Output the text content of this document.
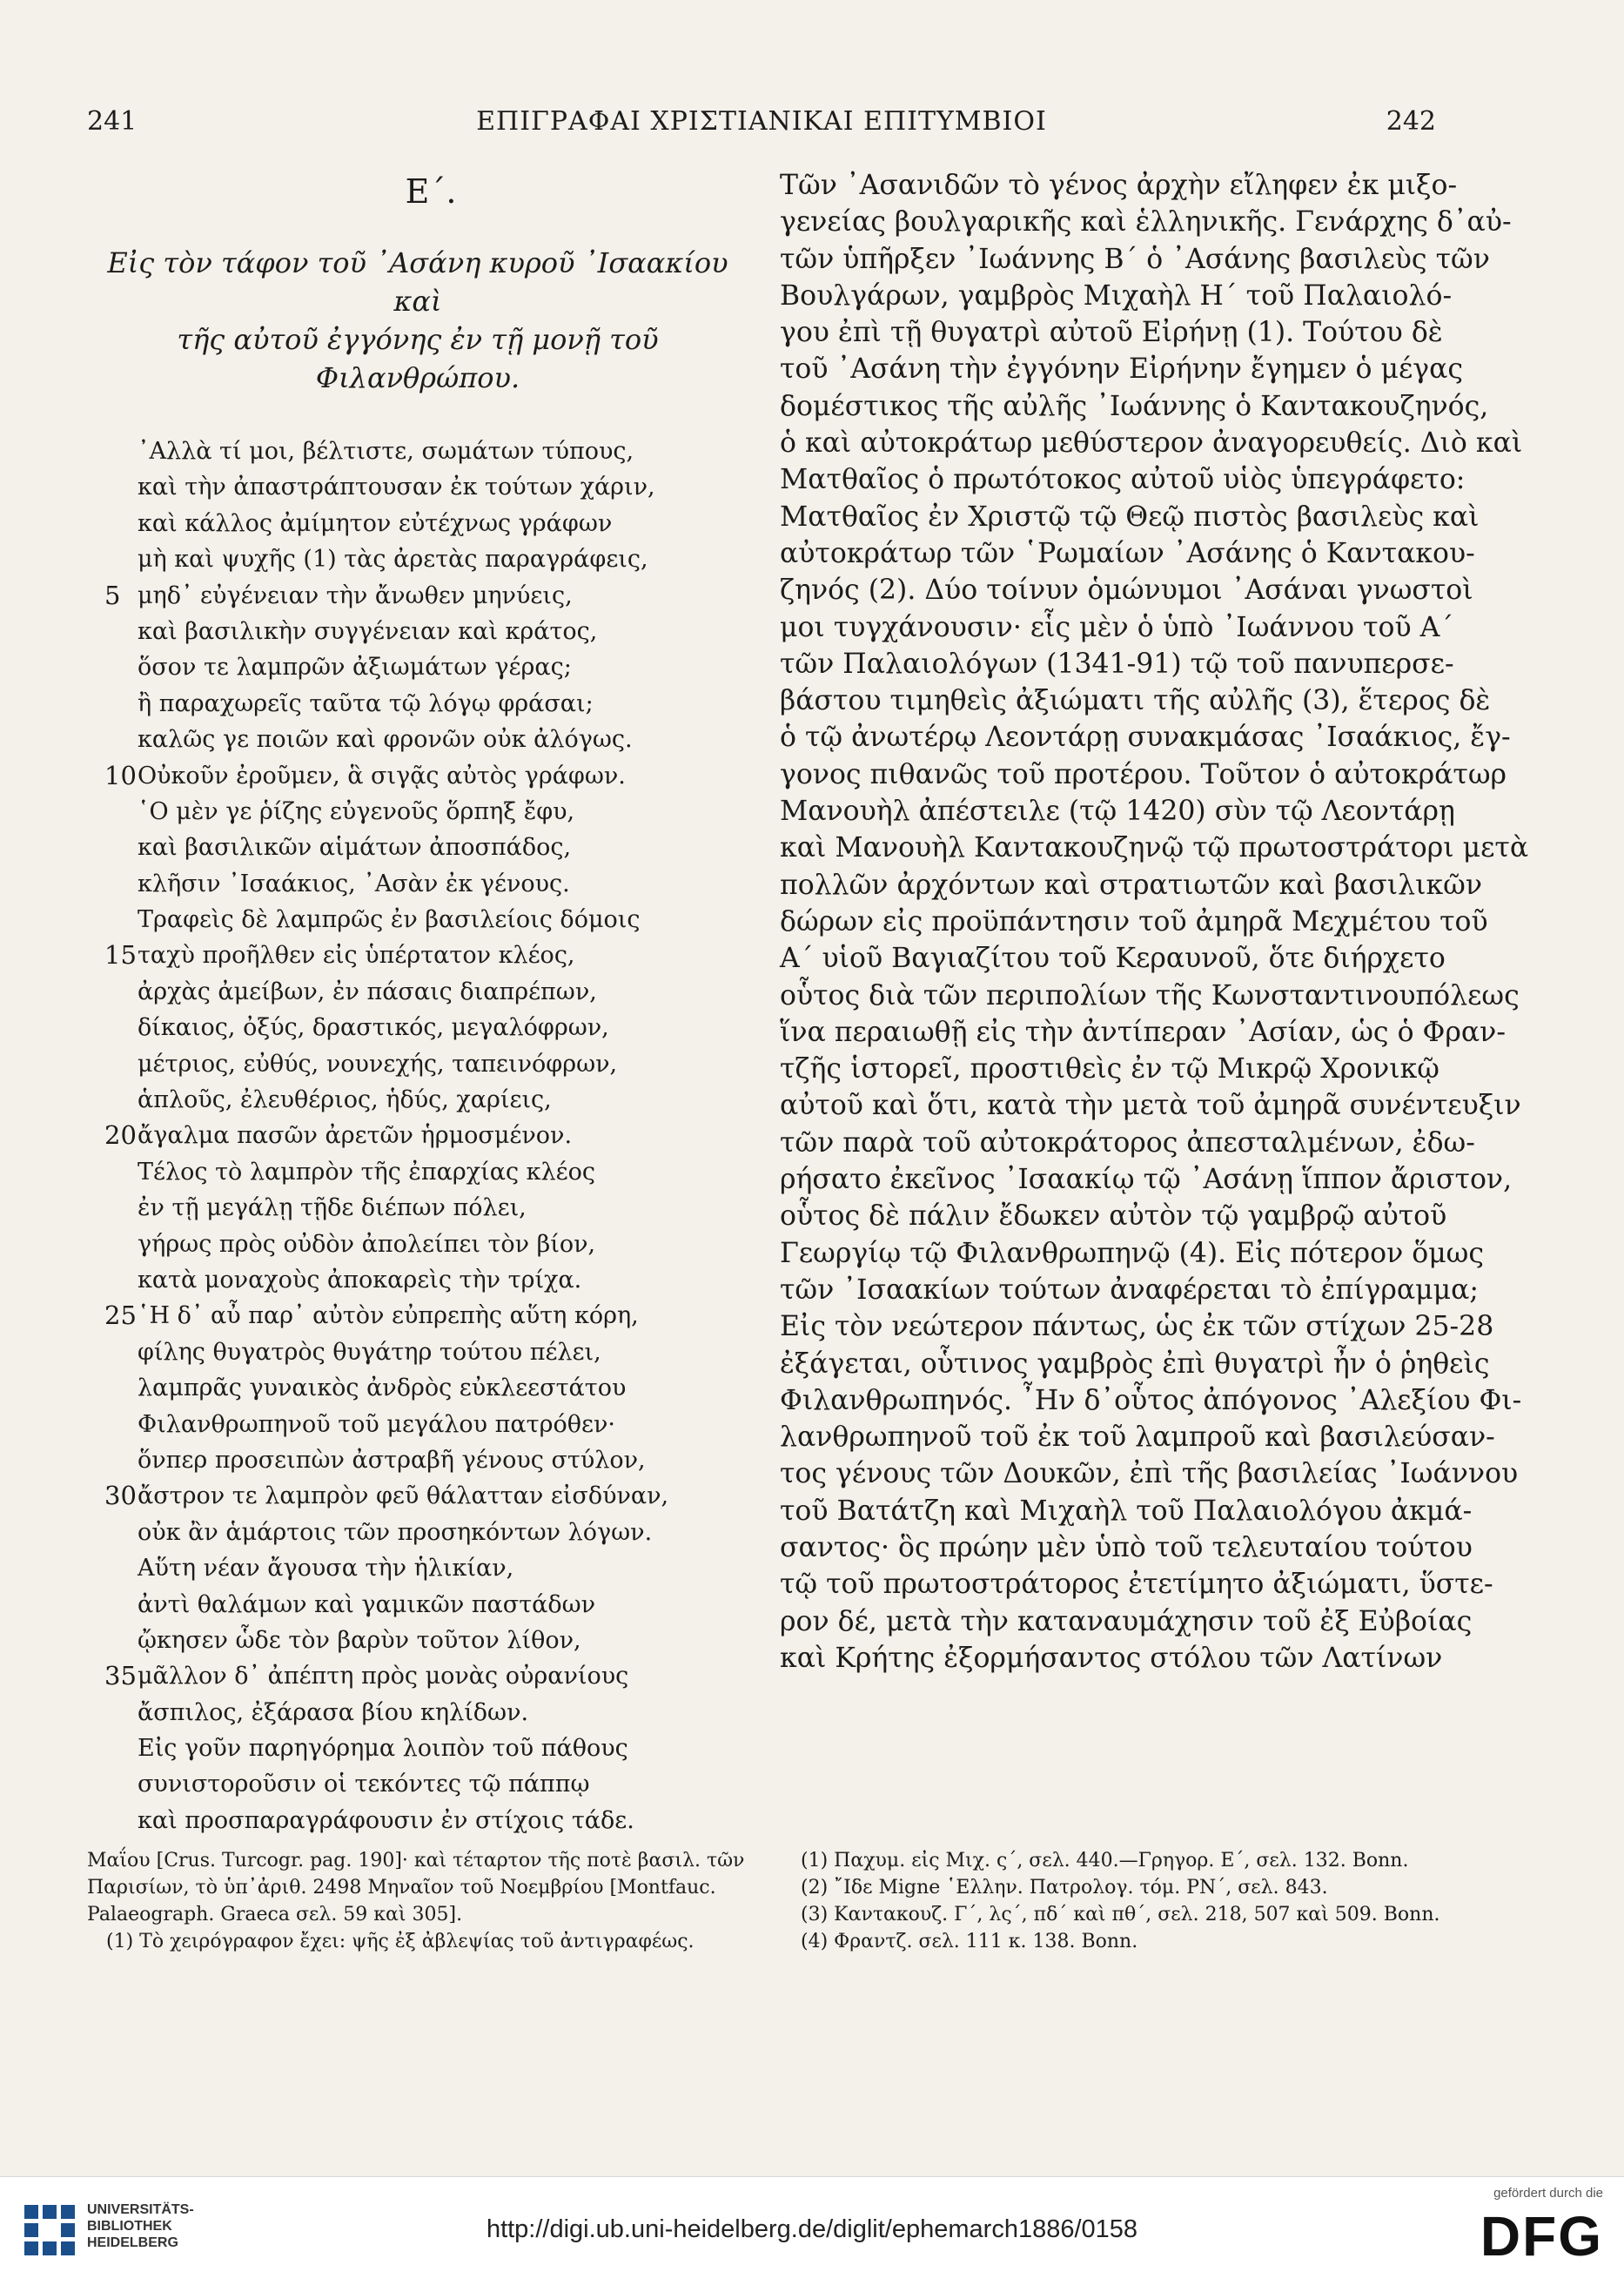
241	ΕΠΙΓΡΑΦΑΙ ΧΡΙΣΤΙΑΝΙΚΑΙ ΕΠΙΤΥΜΒΙΟΙ	242
Ε΄.
Εἰς τὸν τάφον τοῦ ᾽Ασάνη κυροῦ ᾽Ισαακίου καὶ
τῆς αὐτοῦ ἐγγόνης ἐν τῇ μονῇ τοῦ Φιλανθρώπου.
᾽Αλλὰ τί μοι, βέλτιστε, σωμάτων τύπους,
καὶ τὴν ἀπαστράπτουσαν ἐκ τούτων χάριν,
καὶ κάλλος ἀμίμητον εὐτέχνως γράφων
μὴ καὶ ψυχῆς (1) τὰς ἀρετὰς παραγράφεις,
5 μηδ᾽ εὐγένειαν τὴν ἄνωθεν μηνύεις,
καὶ βασιλικὴν συγγένειαν καὶ κράτος,
ὅσον τε λαμπρῶν ἀξιωμάτων γέρας;
ἢ παραχωρεῖς ταῦτα τῷ λόγῳ φράσαι;
καλῶς γε ποιῶν καὶ φρονῶν οὐκ ἀλόγως.
10 Οὐκοῦν ἐροῦμεν, ἃ σιγᾷς αὐτὸς γράφων.
῾Ο μὲν γε ῥίζης εὐγενοῦς ὅρπηξ ἔφυ,
καὶ βασιλικῶν αἱμάτων ἀποσπάδος,
κλῆσιν ᾽Ισαάκιος, ᾽Ασὰν ἐκ γένους.
Τραφεὶς δὲ λαμπρῶς ἐν βασιλείοις δόμοις
15 ταχὺ προῆλθεν εἰς ὑπέρτατον κλέος,
ἀρχὰς ἀμείβων, ἐν πάσαις διαπρέπων,
δίκαιος, ὀξύς, δραστικός, μεγαλόφρων,
μέτριος, εὐθύς, νουνεχής, ταπεινόφρων,
ἁπλοῦς, ἐλευθέριος, ἡδύς, χαρίεις,
20 ἄγαλμα πασῶν ἀρετῶν ἡρμοσμένον.
Τέλος τὸ λαμπρὸν τῆς ἐπαρχίας κλέος
ἐν τῇ μεγάλῃ τῇδε διέπων πόλει,
γήρως πρὸς οὐδὸν ἀπολείπει τὸν βίον,
κατὰ μοναχοὺς ἀποκαρεὶς τὴν τρίχα.
25 ῾Η δ᾽ αὖ παρ᾽ αὐτὸν εὐπρεπὴς αὕτη κόρη,
φίλης θυγατρὸς θυγάτηρ τούτου πέλει,
λαμπρᾶς γυναικὸς ἀνδρὸς εὐκλεεστάτου
Φιλανθρωπηνοῦ τοῦ μεγάλου πατρόθεν·
ὅνπερ προσειπὼν ἀστραβῆ γένους στύλον,
30 ἄστρον τε λαμπρὸν φεῦ θάλατταν εἰσδύναν,
οὐκ ἂν ἁμάρτοις τῶν προσηκόντων λόγων.
Αὕτη νέαν ἄγουσα τὴν ἡλικίαν,
ἀντὶ θαλάμων καὶ γαμικῶν παστάδων
ᾤκησεν ὧδε τὸν βαρὺν τοῦτον λίθον,
35 μᾶλλον δ᾽ ἀπέπτη πρὸς μονὰς οὐρανίους
ἄσπιλος, ἐξάρασα βίου κηλίδων.
Εἰς γοῦν παρηγόρημα λοιπὸν τοῦ πάθους
συνιστοροῦσιν οἱ τεκόντες τῷ πάππῳ
καὶ προσπαραγράφουσιν ἐν στίχοις τάδε.

Τῶν ᾽Ασανιδῶν τὸ γένος ἀρχὴν εἴληφεν ἐκ μιξο-
γενείας βουλγαρικῆς καὶ ἑλληνικῆς. Γενάρχης δ᾽αὐ-
τῶν ὑπῆρξεν ᾽Ιωάννης Β΄ ὁ ᾽Ασάνης βασιλεὺς τῶν
Βουλγάρων, γαμβρὸς Μιχαὴλ Η΄ τοῦ Παλαιολό-
γου ἐπὶ τῇ θυγατρὶ αὐτοῦ Εἰρήνῃ (1). Τούτου δὲ
τοῦ ᾽Ασάνη τὴν ἐγγόνην Εἰρήνην ἔγημεν ὁ μέγας
δομέστικος τῆς αὐλῆς ᾽Ιωάννης ὁ Καντακουζηνός,
ὁ καὶ αὐτοκράτωρ μεθύστερον ἀναγορευθείς. Διὸ καὶ
Ματθαῖος ὁ πρωτότοκος αὐτοῦ υἱὸς ὑπεγράφετο:
Ματθαῖος ἐν Χριστῷ τῷ Θεῷ πιστὸς βασιλεὺς καὶ
αὐτοκράτωρ τῶν ῾Ρωμαίων ᾽Ασάνης ὁ Καντακου-
ζηνός (2). Δύο τοίνυν ὁμώνυμοι ᾽Ασάναι γνωστοὶ
μοι τυγχάνουσιν· εἷς μὲν ὁ ὑπὸ ᾽Ιωάννου τοῦ Α΄
τῶν Παλαιολόγων (1341-91) τῷ τοῦ πανυπερσε-
βάστου τιμηθεὶς ἀξιώματι τῆς αὐλῆς (3), ἕτερος δὲ
ὁ τῷ ἀνωτέρῳ Λεοντάρῃ συνακμάσας ᾽Ισαάκιος, ἔγ-
γονος πιθανῶς τοῦ προτέρου. Τοῦτον ὁ αὐτοκράτωρ
Μανουὴλ ἀπέστειλε (τῷ 1420) σὺν τῷ Λεοντάρῃ
καὶ Μανουὴλ Καντακουζηνῷ τῷ πρωτοστράτορι μετὰ
πολλῶν ἀρχόντων καὶ στρατιωτῶν καὶ βασιλικῶν
δώρων εἰς προϋπάντησιν τοῦ ἀμηρᾶ Μεχμέτου τοῦ
Α΄ υἱοῦ Βαγιαζίτου τοῦ Κεραυνοῦ, ὅτε διήρχετο
οὗτος διὰ τῶν περιπολίων τῆς Κωνσταντινουπόλεως
ἵνα περαιωθῇ εἰς τὴν ἀντίπεραν ᾽Ασίαν, ὡς ὁ Φραν-
τζῆς ἱστορεῖ, προστιθεὶς ἐν τῷ Μικρῷ Χρονικῷ
αὐτοῦ καὶ ὅτι, κατὰ τὴν μετὰ τοῦ ἀμηρᾶ συνέντευξιν
τῶν παρὰ τοῦ αὐτοκράτορος ἀπεσταλμένων, ἐδω-
ρήσατο ἐκεῖνος ᾽Ισαακίῳ τῷ ᾽Ασάνῃ ἵππον ἄριστον,
οὗτος δὲ πάλιν ἔδωκεν αὐτὸν τῷ γαμβρῷ αὐτοῦ
Γεωργίῳ τῷ Φιλανθρωπηνῷ (4). Εἰς πότερον ὅμως
τῶν ᾽Ισαακίων τούτων ἀναφέρεται τὸ ἐπίγραμμα;
Εἰς τὸν νεώτερον πάντως, ὡς ἐκ τῶν στίχων 25-28
ἐξάγεται, οὗτινος γαμβρὸς ἐπὶ θυγατρὶ ἦν ὁ ῥηθεὶς
Φιλανθρωπηνός. ῏Ην δ᾽οὗτος ἀπόγονος ᾽Αλεξίου Φι-
λανθρωπηνοῦ τοῦ ἐκ τοῦ λαμπροῦ καὶ βασιλεύσαν-
τος γένους τῶν Δουκῶν, ἐπὶ τῆς βασιλείας ᾽Ιωάννου
τοῦ Βατάτζη καὶ Μιχαὴλ τοῦ Παλαιολόγου ἀκμά-
σαντος· ὃς πρώην μὲν ὑπὸ τοῦ τελευταίου τούτου
τῷ τοῦ πρωτοστράτορος ἐτετίμητο ἀξιώματι, ὕστε-
ρον δέ, μετὰ τὴν καταναυμάχησιν τοῦ ἐξ Εὐβοίας
καὶ Κρήτης ἐξορμήσαντος στόλου τῶν Λατίνων

Μαΐου [Crus. Turcogr. pag. 190]· καὶ τέταρτον τῆς ποτὲ βασιλ. τῶν
Παρισίων, τὸ ὑπ᾽ἀριθ. 2498 Μηναῖον τοῦ Νοεμβρίου [Montfauc.
Palaeograph. Graeca σελ. 59 καὶ 305].
(1) Τὸ χειρόγραφον ἔχει: ψῆς ἐξ ἀβλεψίας τοῦ ἀντιγραφέως.
(1) Παχυμ. εἰς Μιχ. ς΄, σελ. 440.—Γρηγορ. Ε΄, σελ. 132. Bonn.
(2) ῎Ιδε Migne ῾Ελλην. Πατρολογ. τόμ. ΡΝ΄, σελ. 843.
(3) Καντακουζ. Γ΄, λς΄, πδ΄ καὶ πθ΄, σελ. 218, 507 καὶ 509. Bonn.
(4) Φραντζ. σελ. 111 κ. 138. Bonn.
UNIVERSITÄTS-
BIBLIOTHEK
HEIDELBERG	http://digi.ub.uni-heidelberg.de/diglit/ephemarch1886/0158
gefördert durch die
DFG
